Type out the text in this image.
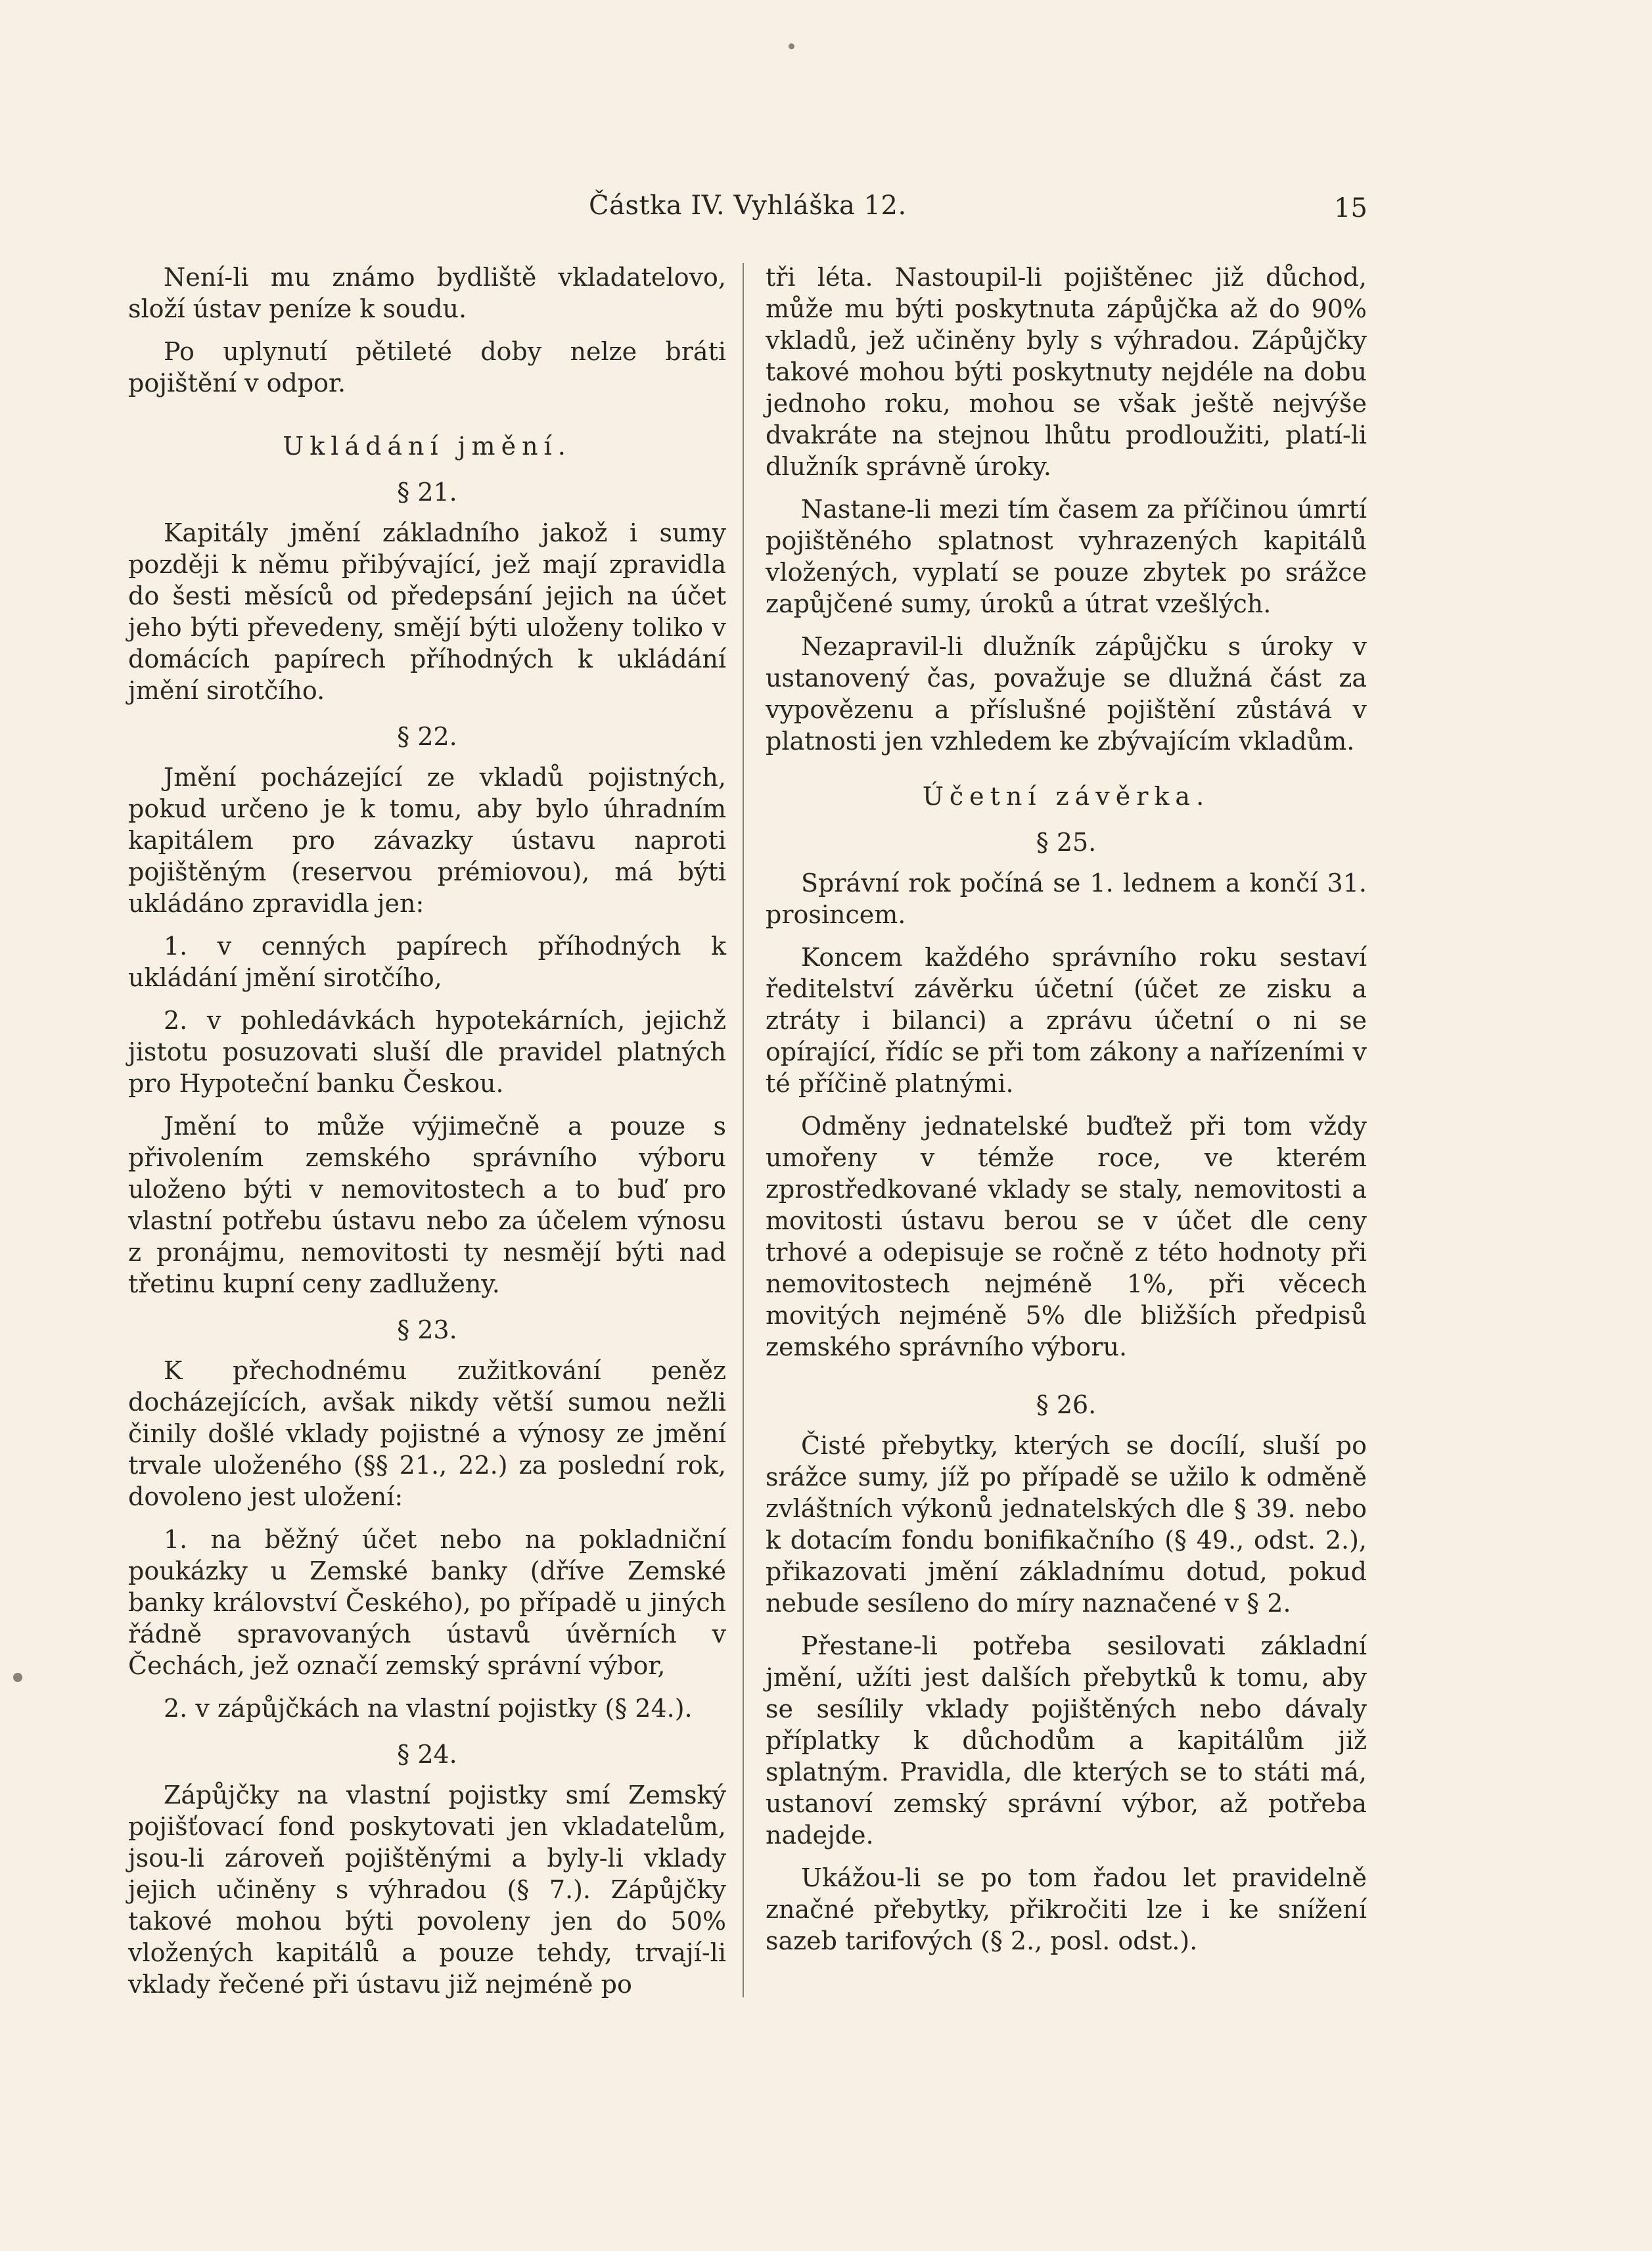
Částka IV. Vyhláška 12.	15

Není-li mu známo bydliště vkladatelovo, složí ústav peníze k soudu.

Po uplynutí pětileté doby nelze bráti pojištění v odpor.

Ukládání jmění.
§ 21.

Kapitály jmění základního jakož i sumy později k němu přibývající, jež mají zpravidla do šesti měsíců od předepsání jejich na účet jeho býti převedeny, smějí býti uloženy toliko v domácích papírech příhodných k ukládání jmění sirotčího.

§ 22.

Jmění pocházející ze vkladů pojistných, pokud určeno je k tomu, aby bylo úhradním kapitálem pro závazky ústavu naproti pojištěným (reservou prémiovou), má býti ukládáno zpravidla jen:

1. v cenných papírech příhodných k ukládání jmění sirotčího,

2. v pohledávkách hypotekárních, jejichž jistotu posuzovati sluší dle pravidel platných pro Hypoteční banku Českou.

Jmění to může výjimečně a pouze s přivolením zemského správního výboru uloženo býti v nemovitostech a to buď pro vlastní potřebu ústavu nebo za účelem výnosu z pronájmu, nemovitosti ty nesmějí býti nad třetinu kupní ceny zadluženy.

§ 23.

K přechodnému zužitkování peněz docházejících, avšak nikdy větší sumou nežli činily došlé vklady pojistné a výnosy ze jmění trvale uloženého (§§ 21., 22.) za poslední rok, dovoleno jest uložení:

1. na běžný účet nebo na pokladniční poukázky u Zemské banky (dříve Zemské banky království Českého), po případě u jiných řádně spravovaných ústavů úvěrních v Čechách, jež označí zemský správní výbor,

2. v zápůjčkách na vlastní pojistky (§ 24.).

§ 24.

Zápůjčky na vlastní pojistky smí Zemský pojišťovací fond poskytovati jen vkladatelům, jsou-li zároveň pojištěnými a byly-li vklady jejich učiněny s výhradou (§ 7.). Zápůjčky takové mohou býti povoleny jen do 50% vložených kapitálů a pouze tehdy, trvají-li vklady řečené při ústavu již nejméně po

tři léta. Nastoupil-li pojištěnec již důchod, může mu býti poskytnuta zápůjčka až do 90% vkladů, jež učiněny byly s výhradou. Zápůjčky takové mohou býti poskytnuty nejdéle na dobu jednoho roku, mohou se však ještě nejvýše dvakráte na stejnou lhůtu prodloužiti, platí-li dlužník správně úroky.

Nastane-li mezi tím časem za příčinou úmrtí pojištěného splatnost vyhrazených kapitálů vložených, vyplatí se pouze zbytek po srážce zapůjčené sumy, úroků a útrat vzešlých.

Nezapravil-li dlužník zápůjčku s úroky v ustanovený čas, považuje se dlužná část za vypovězenu a příslušné pojištění zůstává v platnosti jen vzhledem ke zbývajícím vkladům.

Účetní závěrka.
§ 25.

Správní rok počíná se 1. lednem a končí 31. prosincem.

Koncem každého správního roku sestaví ředitelství závěrku účetní (účet ze zisku a ztráty i bilanci) a zprávu účetní o ni se opírající, řídíc se při tom zákony a nařízeními v té příčině platnými.

Odměny jednatelské buďtež při tom vždy umořeny v témže roce, ve kterém zprostředkované vklady se staly, nemovitosti a movitosti ústavu berou se v účet dle ceny trhové a odepisuje se ročně z této hodnoty při nemovitostech nejméně 1%, při věcech movitých nejméně 5% dle bližších předpisů zemského správního výboru.

§ 26.

Čisté přebytky, kterých se docílí, sluší po srážce sumy, jíž po případě se užilo k odměně zvláštních výkonů jednatelských dle § 39. nebo k dotacím fondu bonifikačního (§ 49., odst. 2.), přikazovati jmění základnímu dotud, pokud nebude sesíleno do míry naznačené v § 2.

Přestane-li potřeba sesilovati základní jmění, užíti jest dalších přebytků k tomu, aby se sesílily vklady pojištěných nebo dávaly příplatky k důchodům a kapitálům již splatným. Pravidla, dle kterých se to státi má, ustanoví zemský správní výbor, až potřeba nadejde.

Ukážou-li se po tom řadou let pravidelně značné přebytky, přikročiti lze i ke snížení sazeb tarifových (§ 2., posl. odst.).
